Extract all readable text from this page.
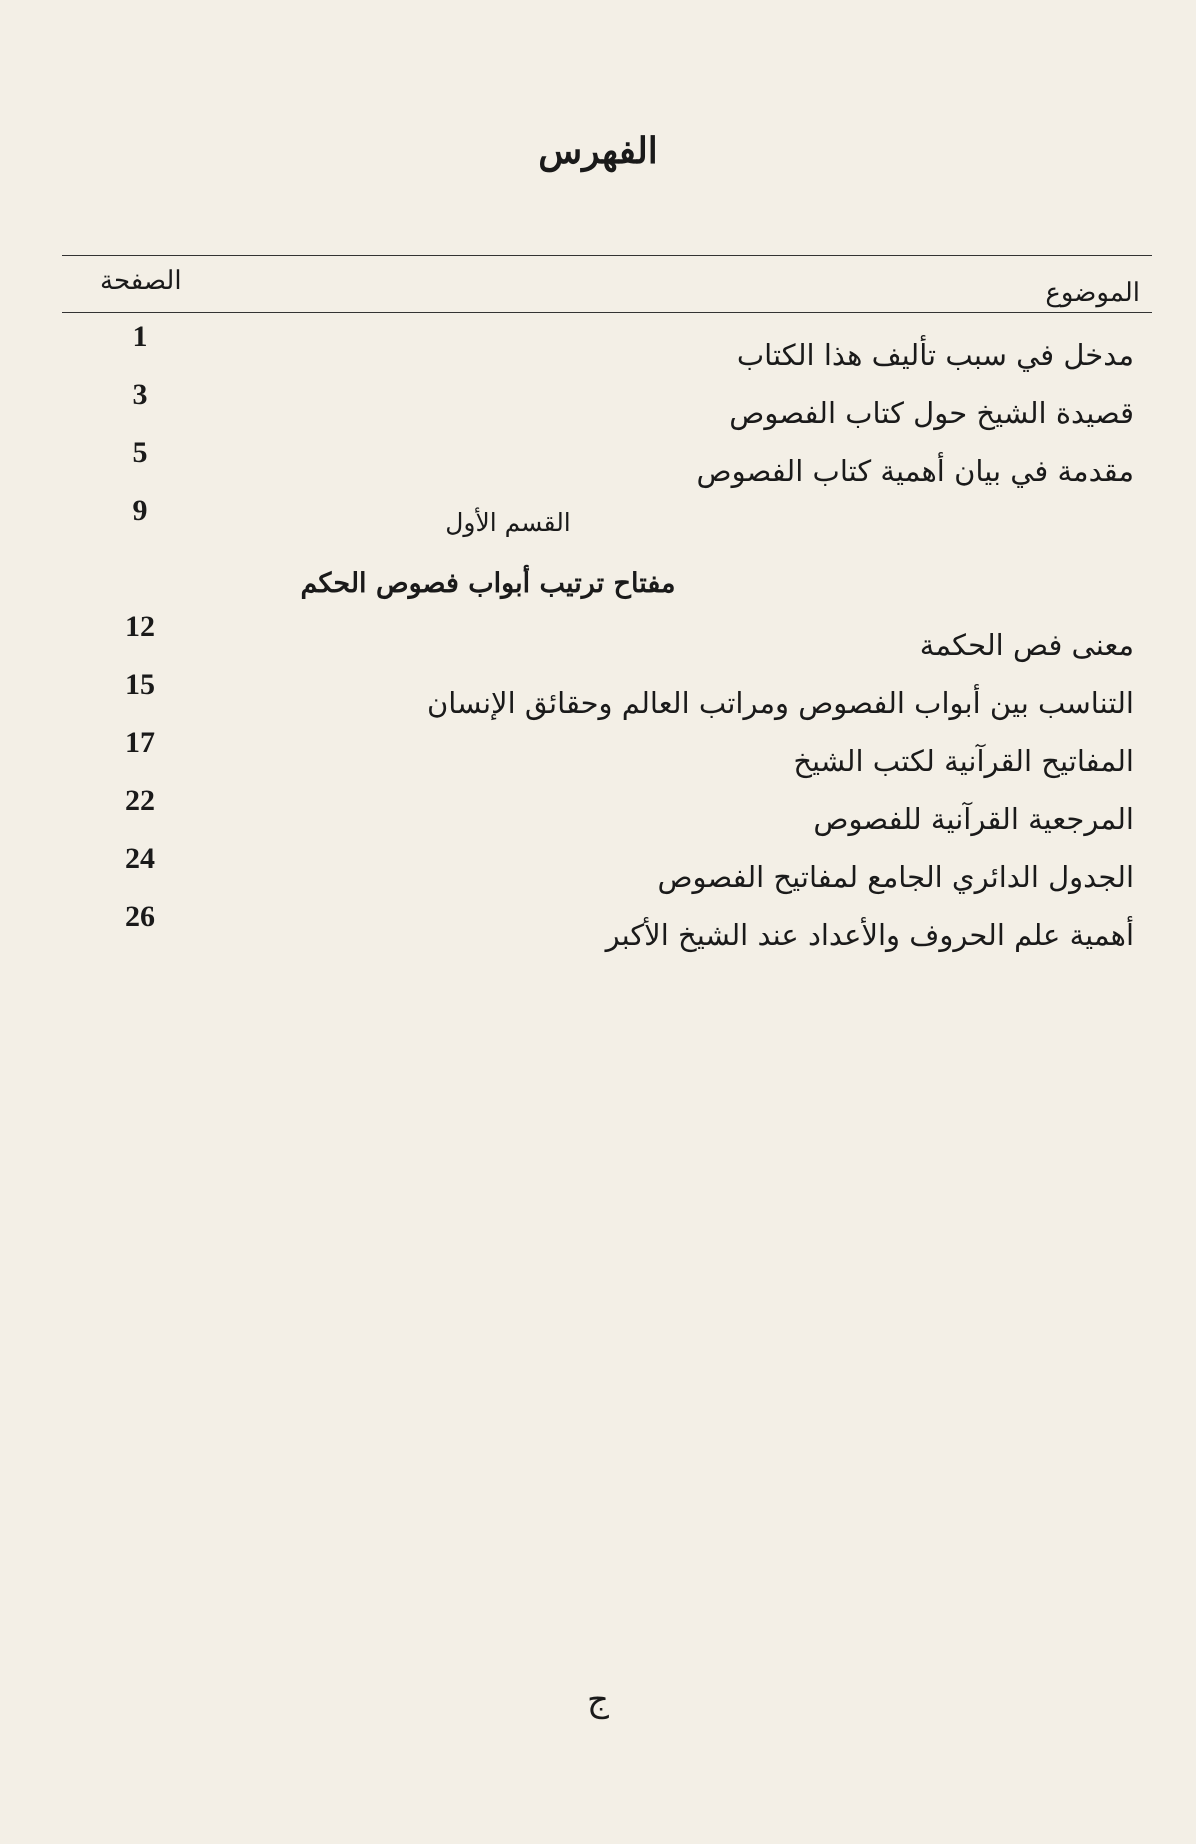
الفهرس
الموضوع
الصفحة
مدخل في سبب تأليف هذا الكتاب
1
قصيدة الشيخ حول كتاب الفصوص
3
مقدمة في بيان أهمية كتاب الفصوص
5
القسم الأول
9
مفتاح ترتيب أبواب فصوص الحكم
معنى فص الحكمة
12
التناسب بين أبواب الفصوص ومراتب العالم وحقائق الإنسان
15
المفاتيح القرآنية لكتب الشيخ
17
المرجعية القرآنية للفصوص
22
الجدول الدائري الجامع لمفاتيح الفصوص
24
أهمية علم الحروف والأعداد عند الشيخ الأكبر
26
ج
